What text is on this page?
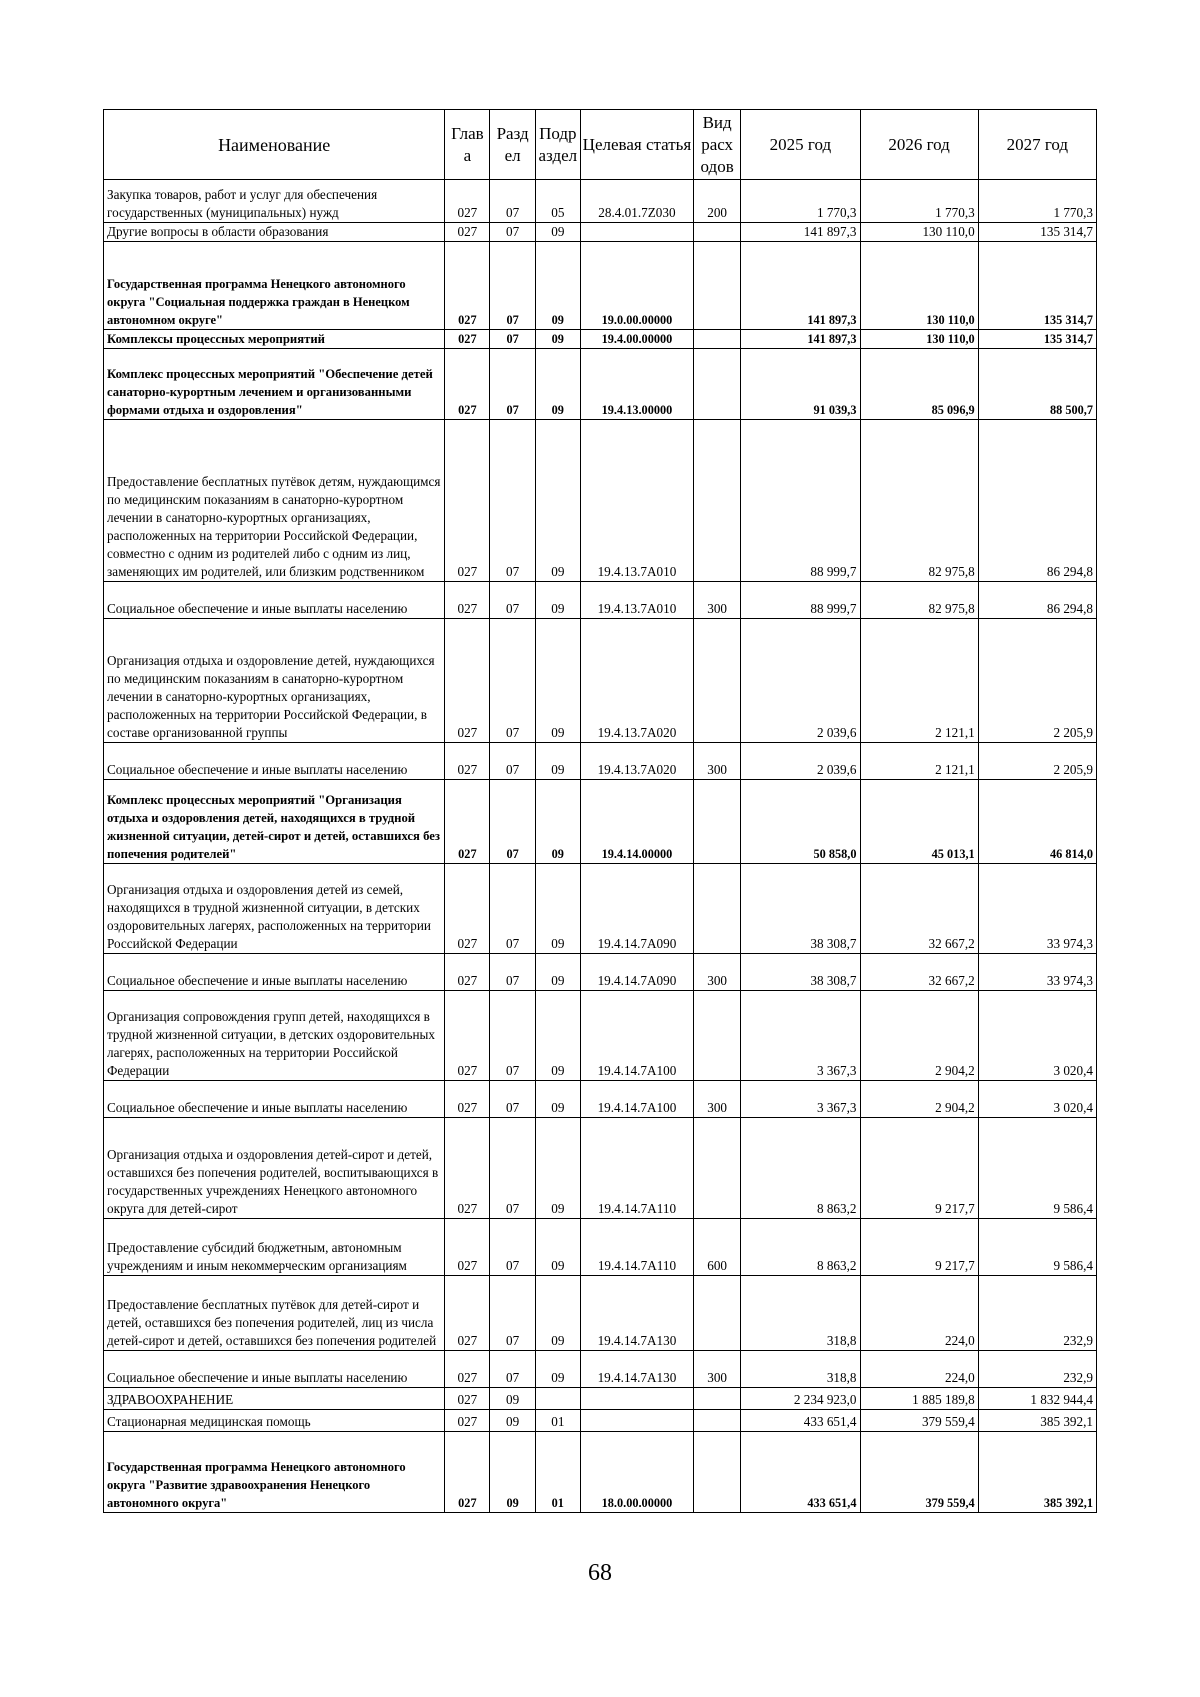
Наименование	Глав а	Разд ел	Подр аздел	Целевая статья	Вид расх одов	2025 год	2026 год	2027 год
Закупка товаров, работ и услуг для обеспечения государственных (муниципальных) нужд	027	07	05	28.4.01.7Z030	200	1 770,3	1 770,3	1 770,3
Другие вопросы в области образования	027	07	09			141 897,3	130 110,0	135 314,7
Государственная программа Ненецкого автономного округа "Социальная поддержка граждан в Ненецком автономном округе"	027	07	09	19.0.00.00000		141 897,3	130 110,0	135 314,7
Комплексы процессных мероприятий	027	07	09	19.4.00.00000		141 897,3	130 110,0	135 314,7
Комплекс процессных мероприятий "Обеспечение детей санаторно-курортным лечением и организованными формами отдыха и оздоровления"	027	07	09	19.4.13.00000		91 039,3	85 096,9	88 500,7
Предоставление бесплатных путёвок детям, нуждающимся по медицинским показаниям в санаторно-курортном лечении в санаторно-курортных организациях, расположенных на территории Российской Федерации, совместно с одним из родителей либо с одним из лиц, заменяющих им родителей, или близким родственником	027	07	09	19.4.13.7А010		88 999,7	82 975,8	86 294,8
Социальное обеспечение и иные выплаты населению	027	07	09	19.4.13.7А010	300	88 999,7	82 975,8	86 294,8
Организация отдыха и оздоровление детей, нуждающихся по медицинским показаниям в санаторно-курортном лечении в санаторно-курортных организациях, расположенных на территории Российской Федерации, в составе организованной группы	027	07	09	19.4.13.7А020		2 039,6	2 121,1	2 205,9
Социальное обеспечение и иные выплаты населению	027	07	09	19.4.13.7А020	300	2 039,6	2 121,1	2 205,9
Комплекс процессных мероприятий "Организация отдыха и оздоровления детей, находящихся в трудной жизненной ситуации, детей-сирот и детей, оставшихся без попечения родителей"	027	07	09	19.4.14.00000		50 858,0	45 013,1	46 814,0
Организация отдыха и оздоровления детей из семей, находящихся в трудной жизненной ситуации, в детских оздоровительных лагерях, расположенных на территории Российской Федерации	027	07	09	19.4.14.7А090		38 308,7	32 667,2	33 974,3
Социальное обеспечение и иные выплаты населению	027	07	09	19.4.14.7А090	300	38 308,7	32 667,2	33 974,3
Организация сопровождения групп детей, находящихся в трудной жизненной ситуации, в детских оздоровительных лагерях, расположенных на территории Российской Федерации	027	07	09	19.4.14.7А100		3 367,3	2 904,2	3 020,4
Социальное обеспечение и иные выплаты населению	027	07	09	19.4.14.7А100	300	3 367,3	2 904,2	3 020,4
Организация отдыха и оздоровления детей-сирот и детей, оставшихся без попечения родителей, воспитывающихся в государственных учреждениях Ненецкого автономного округа для детей-сирот	027	07	09	19.4.14.7А110		8 863,2	9 217,7	9 586,4
Предоставление субсидий бюджетным, автономным учреждениям и иным некоммерческим организациям	027	07	09	19.4.14.7А110	600	8 863,2	9 217,7	9 586,4
Предоставление бесплатных путёвок для детей-сирот и детей, оставшихся без попечения родителей, лиц из числа детей-сирот и детей, оставшихся без попечения родителей	027	07	09	19.4.14.7А130		318,8	224,0	232,9
Социальное обеспечение и иные выплаты населению	027	07	09	19.4.14.7А130	300	318,8	224,0	232,9
ЗДРАВООХРАНЕНИЕ	027	09				2 234 923,0	1 885 189,8	1 832 944,4
Стационарная медицинская помощь	027	09	01			433 651,4	379 559,4	385 392,1
Государственная программа Ненецкого автономного округа "Развитие здравоохранения Ненецкого автономного округа"	027	09	01	18.0.00.00000		433 651,4	379 559,4	385 392,1
68
